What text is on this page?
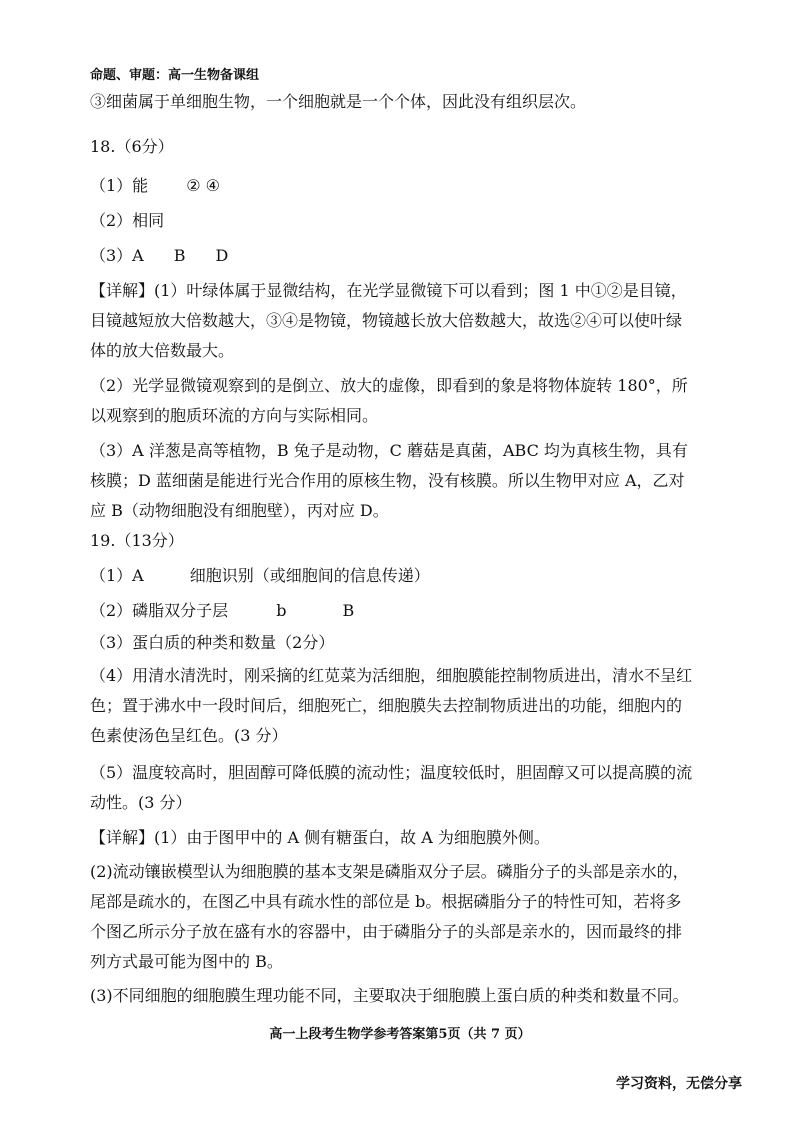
命题、审题：高一生物备课组
③细菌属于单细胞生物，一个细胞就是一个个体，因此没有组织层次。
18.（6分）
（1）能 ② ④
（2）相同
（3）A B D
【详解】(1）叶绿体属于显微结构，在光学显微镜下可以看到；图 1 中①②是目镜，
目镜越短放大倍数越大，③④是物镜，物镜越长放大倍数越大，故选②④可以使叶绿
体的放大倍数最大。
（2）光学显微镜观察到的是倒立、放大的虚像，即看到的象是将物体旋转 180°，所
以观察到的胞质环流的方向与实际相同。
（3）A 洋葱是高等植物，B 兔子是动物，C 蘑菇是真菌，ABC 均为真核生物，具有
核膜；D 蓝细菌是能进行光合作用的原核生物，没有核膜。所以生物甲对应 A，乙对
应 B（动物细胞没有细胞壁），丙对应 D。
19.（13分）
（1）A	细胞识别（或细胞间的信息传递）
（2）磷脂双分子层	b	B
（3）蛋白质的种类和数量（2分）
（4）用清水清洗时，刚采摘的红苋菜为活细胞，细胞膜能控制物质进出，清水不呈红
色；置于沸水中一段时间后，细胞死亡，细胞膜失去控制物质进出的功能，细胞内的
色素使汤色呈红色。(3 分）
（5）温度较高时，胆固醇可降低膜的流动性；温度较低时，胆固醇又可以提高膜的流
动性。(3 分）
【详解】(1）由于图甲中的 A 侧有糖蛋白，故 A 为细胞膜外侧。
(2)流动镶嵌模型认为细胞膜的基本支架是磷脂双分子层。磷脂分子的头部是亲水的，
尾部是疏水的，在图乙中具有疏水性的部位是 b。根据磷脂分子的特性可知，若将多
个图乙所示分子放在盛有水的容器中，由于磷脂分子的头部是亲水的，因而最终的排
列方式最可能为图中的 B。
(3)不同细胞的细胞膜生理功能不同，主要取决于细胞膜上蛋白质的种类和数量不同。
高一上段考生物学参考答案第5页（共 7 页）
学习资料，无偿分享
